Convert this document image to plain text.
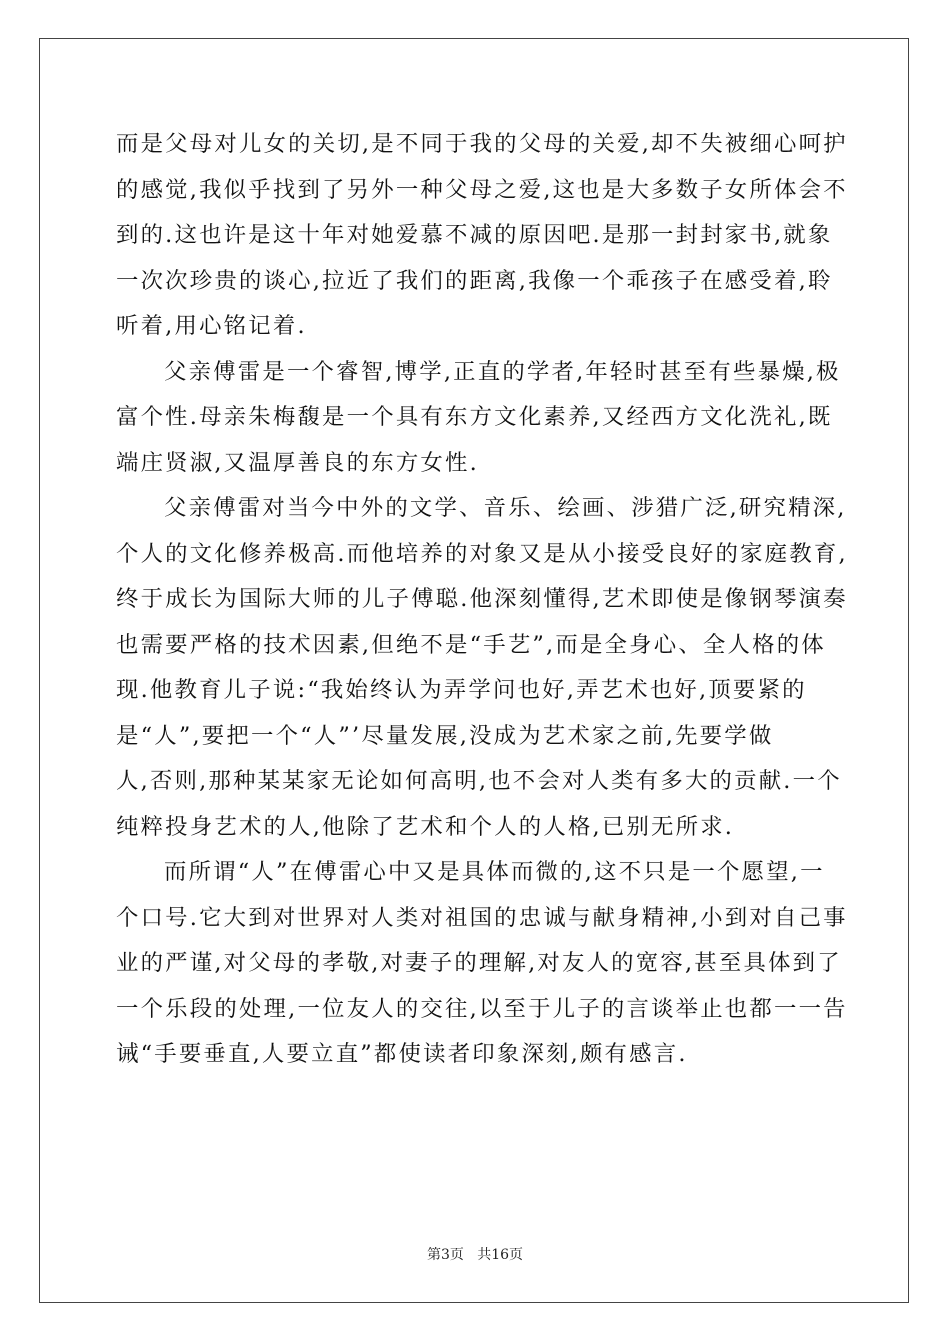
而是父母对儿女的关切,是不同于我的父母的关爱,却不失被细心呵护
的感觉,我似乎找到了另外一种父母之爱,这也是大多数子女所体会不
到的.这也许是这十年对她爱慕不减的原因吧.是那一封封家书,就象
一次次珍贵的谈心,拉近了我们的距离,我像一个乖孩子在感受着,聆
听着,用心铭记着.
父亲傅雷是一个睿智,博学,正直的学者,年轻时甚至有些暴燥,极
富个性.母亲朱梅馥是一个具有东方文化素养,又经西方文化洗礼,既
端庄贤淑,又温厚善良的东方女性.
父亲傅雷对当今中外的文学、音乐、绘画、涉猎广泛,研究精深,
个人的文化修养极高.而他培养的对象又是从小接受良好的家庭教育,
终于成长为国际大师的儿子傅聪.他深刻懂得,艺术即使是像钢琴演奏
也需要严格的技术因素,但绝不是“手艺”,而是全身心、全人格的体
现.他教育儿子说:“我始终认为弄学问也好,弄艺术也好,顶要紧的
是“人”,要把一个“人”’尽量发展,没成为艺术家之前,先要学做
人,否则,那种某某家无论如何高明,也不会对人类有多大的贡献.一个
纯粹投身艺术的人,他除了艺术和个人的人格,已别无所求.
而所谓“人”在傅雷心中又是具体而微的,这不只是一个愿望,一
个口号.它大到对世界对人类对祖国的忠诚与献身精神,小到对自己事
业的严谨,对父母的孝敬,对妻子的理解,对友人的宽容,甚至具体到了
一个乐段的处理,一位友人的交往,以至于儿子的言谈举止也都一一告
诫“手要垂直,人要立直”都使读者印象深刻,颇有感言.
第3页   共16页
